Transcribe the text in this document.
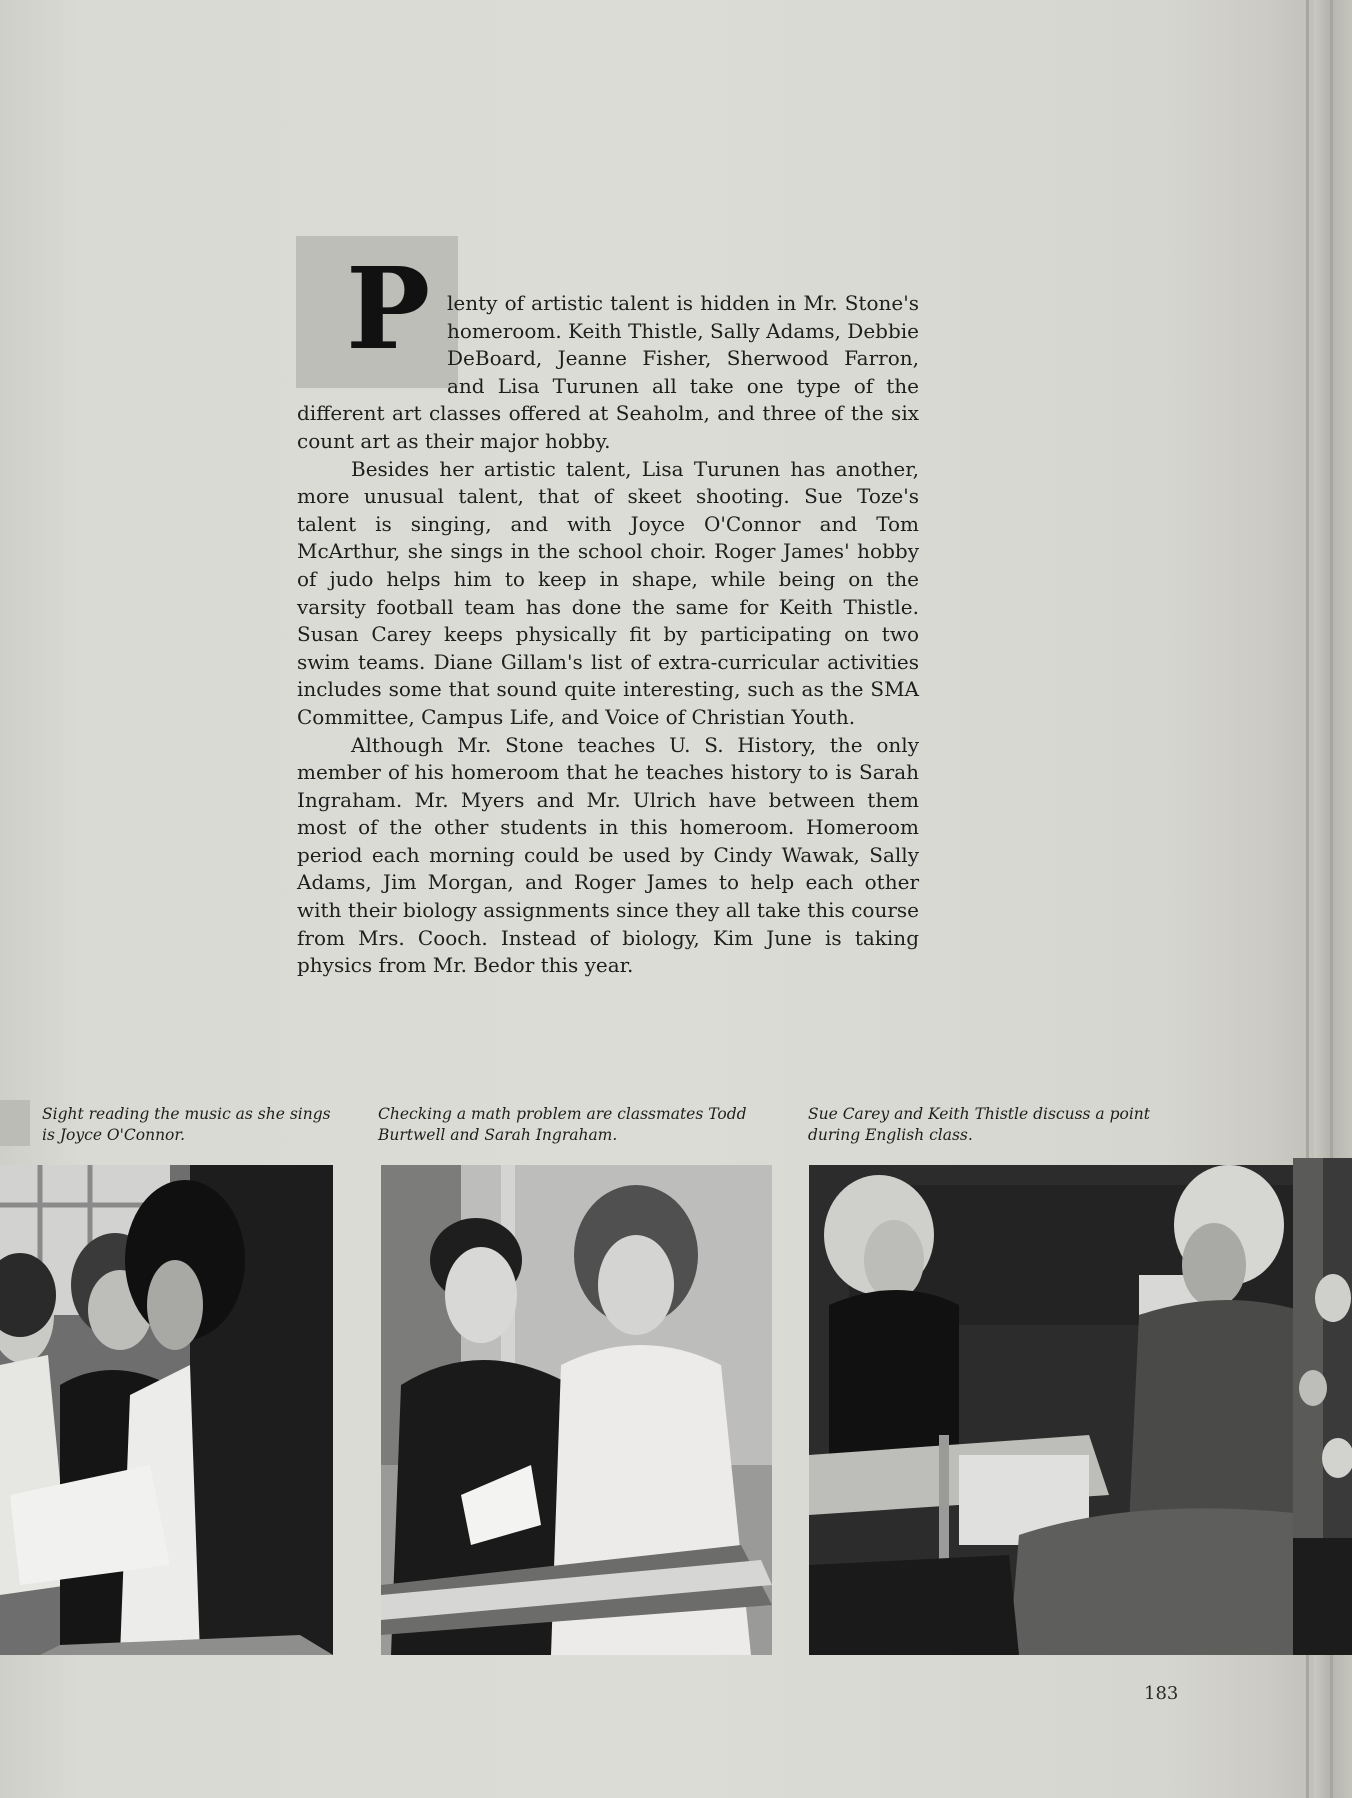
P lenty of artistic talent is hidden in Mr. Stone's homeroom. Keith Thistle, Sally Adams, Debbie DeBoard, Jeanne Fisher, Sherwood Farron, and Lisa Turunen all take one type of the different art classes offered at Seaholm, and three of the six count art as their major hobby.

Besides her artistic talent, Lisa Turunen has another, more unusual talent, that of skeet shooting. Sue Toze's talent is singing, and with Joyce O'Connor and Tom McArthur, she sings in the school choir. Roger James' hobby of judo helps him to keep in shape, while being on the varsity football team has done the same for Keith Thistle. Susan Carey keeps physically fit by participating on two swim teams. Diane Gillam's list of extra-curricular activities includes some that sound quite interesting, such as the SMA Committee, Campus Life, and Voice of Christian Youth.

Although Mr. Stone teaches U. S. History, the only member of his homeroom that he teaches history to is Sarah Ingraham. Mr. Myers and Mr. Ulrich have between them most of the other students in this homeroom. Homeroom period each morning could be used by Cindy Wawak, Sally Adams, Jim Morgan, and Roger James to help each other with their biology assignments since they all take this course from Mrs. Cooch. Instead of biology, Kim June is taking physics from Mr. Bedor this year.

Sight reading the music as she sings is Joyce O'Connor.
Checking a math problem are classmates Todd Burtwell and Sarah Ingraham.
Sue Carey and Keith Thistle discuss a point during English class.
183
